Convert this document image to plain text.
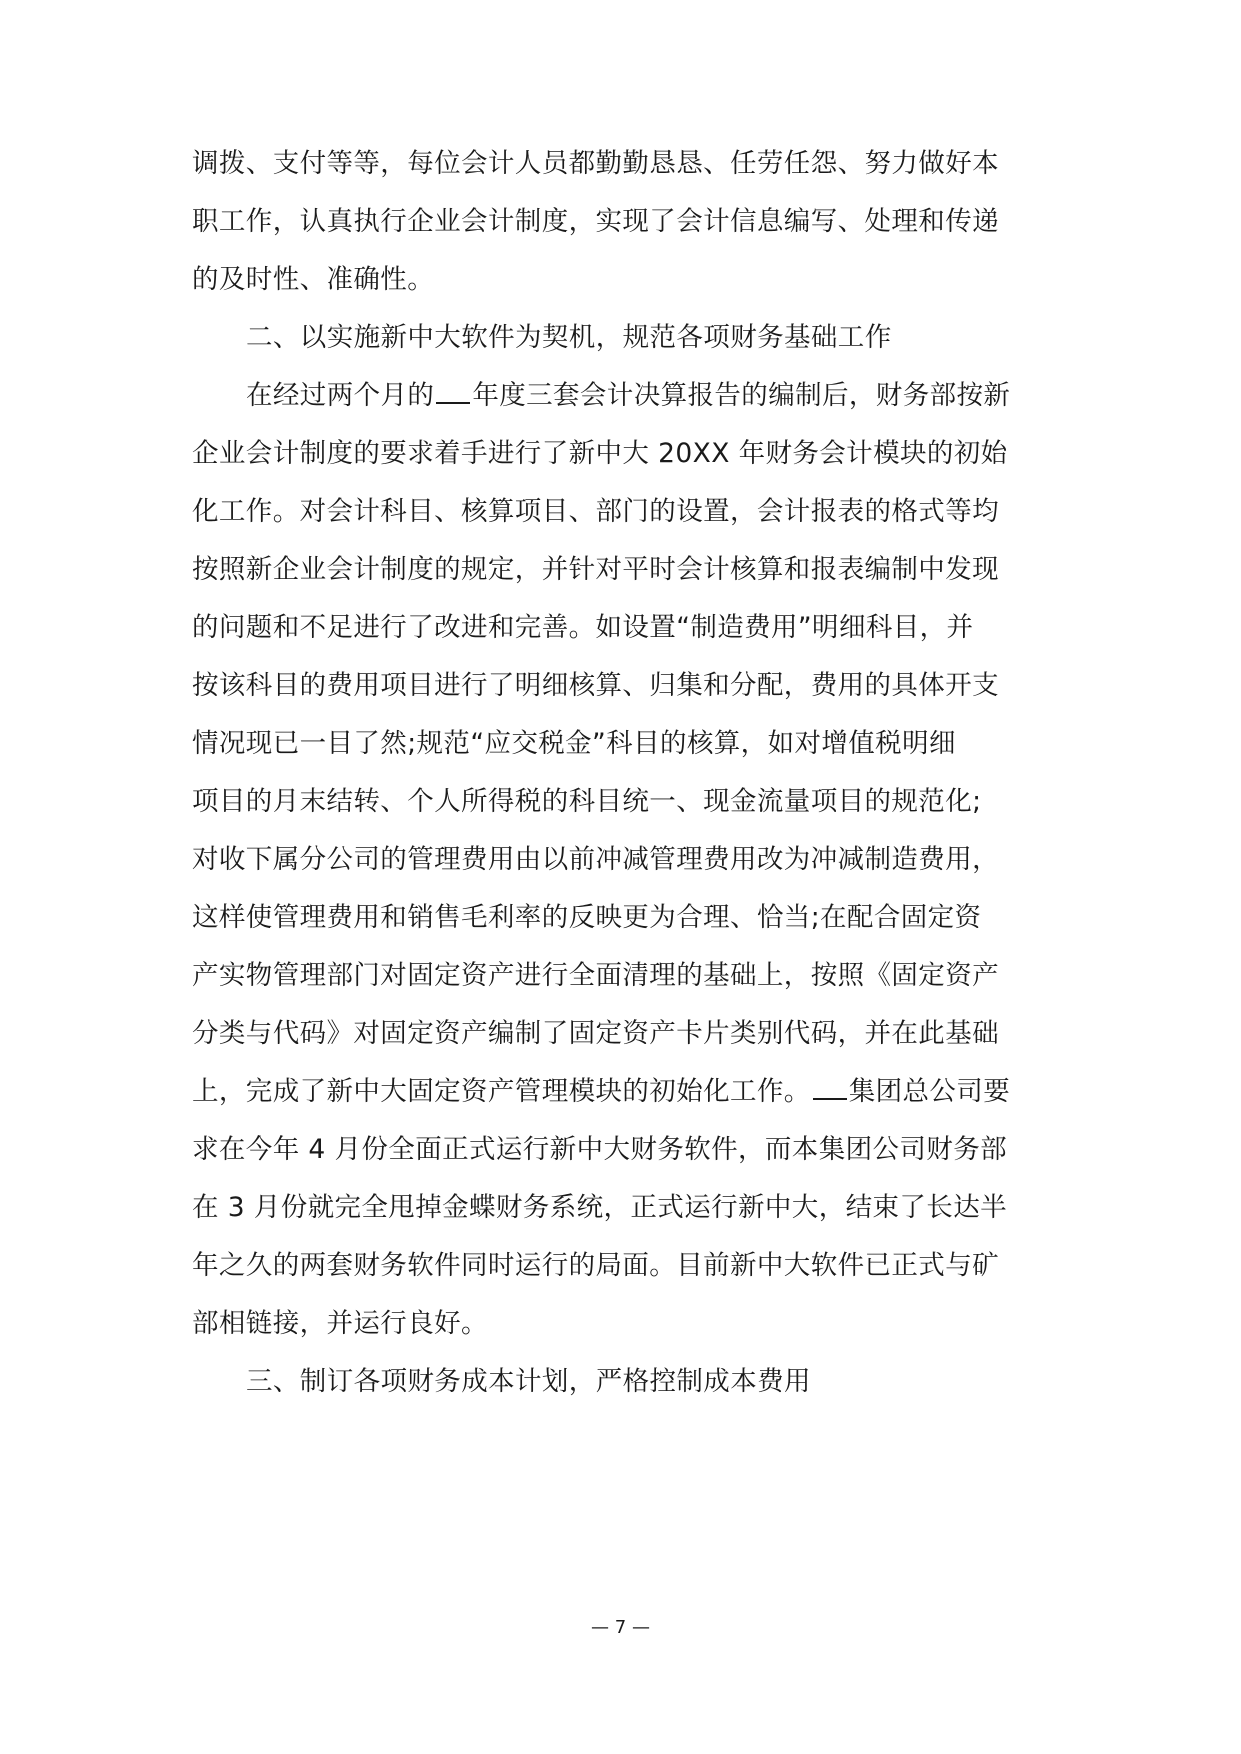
调拨、支付等等，每位会计人员都勤勤恳恳、任劳任怨、努力做好本
职工作，认真执行企业会计制度，实现了会计信息编写、处理和传递
的及时性、准确性。
二、以实施新中大软件为契机，规范各项财务基础工作
在经过两个月的 年度三套会计决算报告的编制后，财务部按新
企业会计制度的要求着手进行了新中大 20XX 年财务会计模块的初始
化工作。对会计科目、核算项目、部门的设置，会计报表的格式等均
按照新企业会计制度的规定，并针对平时会计核算和报表编制中发现
的问题和不足进行了改进和完善。如设置“制造费用”明细科目，并
按该科目的费用项目进行了明细核算、归集和分配，费用的具体开支
情况现已一目了然;规范“应交税金”科目的核算，如对增值税明细
项目的月末结转、个人所得税的科目统一、现金流量项目的规范化;
对收下属分公司的管理费用由以前冲减管理费用改为冲减制造费用，
这样使管理费用和销售毛利率的反映更为合理、恰当;在配合固定资
产实物管理部门对固定资产进行全面清理的基础上，按照《固定资产
分类与代码》对固定资产编制了固定资产卡片类别代码，并在此基础
上，完成了新中大固定资产管理模块的初始化工作。 集团总公司要
求在今年 4 月份全面正式运行新中大财务软件，而本集团公司财务部
在 3 月份就完全甩掉金蝶财务系统，正式运行新中大，结束了长达半
年之久的两套财务软件同时运行的局面。目前新中大软件已正式与矿
部相链接，并运行良好。
三、制订各项财务成本计划，严格控制成本费用
— 7 —
